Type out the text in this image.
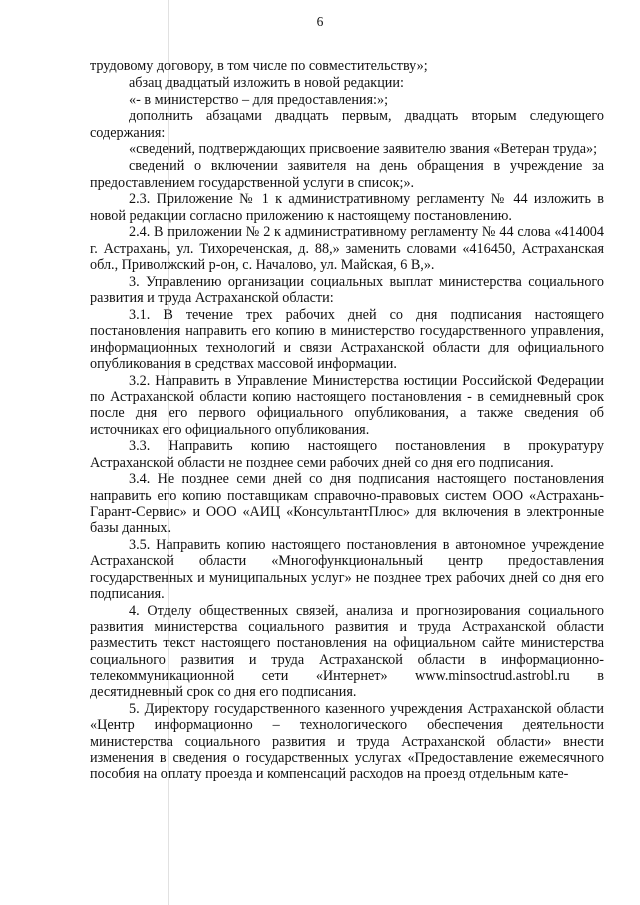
6

трудовому договору, в том числе по совместительству»;

абзац двадцатый изложить в новой редакции:

«- в министерство – для предоставления:»;

дополнить абзацами двадцать первым, двадцать вторым следующего содержания:

«сведений, подтверждающих присвоение заявителю звания «Ветеран труда»;

сведений о включении заявителя на день обращения в учреждение за предоставлением государственной услуги в список;».

2.3. Приложение № 1 к административному регламенту № 44 изложить в новой редакции согласно приложению к настоящему постановлению.

2.4. В приложении № 2 к административному регламенту № 44 слова «414004 г. Астрахань, ул. Тихореченская, д. 88,» заменить словами «416450, Астраханская обл., Приволжский р-он, с. Началово, ул. Майская, 6 В,».

3. Управлению организации социальных выплат министерства социального развития и труда Астраханской области:

3.1. В течение трех рабочих дней со дня подписания настоящего постановления направить его копию в министерство государственного управления, информационных технологий и связи Астраханской области для официального опубликования в средствах массовой информации.

3.2. Направить в Управление Министерства юстиции Российской Федерации по Астраханской области копию настоящего постановления - в семидневный срок после дня его первого официального опубликования, а также сведения об источниках его официального опубликования.

3.3. Направить копию настоящего постановления в прокуратуру Астраханской области не позднее семи рабочих дней со дня его подписания.

3.4. Не позднее семи дней со дня подписания настоящего постановления направить его копию поставщикам справочно-правовых систем ООО «Астрахань-Гарант-Сервис» и ООО «АИЦ «КонсультантПлюс» для включения в электронные базы данных.

3.5. Направить копию настоящего постановления в автономное учреждение Астраханской области «Многофункциональный центр предоставления государственных и муниципальных услуг» не позднее трех рабочих дней со дня его подписания.

4. Отделу общественных связей, анализа и прогнозирования социального развития министерства социального развития и труда Астраханской области разместить текст настоящего постановления на официальном сайте министерства социального развития и труда Астраханской области в информационно-телекоммуникационной сети «Интернет» www.minsoctrud.astrobl.ru в десятидневный срок со дня его подписания.

5. Директору государственного казенного учреждения Астраханской области «Центр информационно – технологического обеспечения деятельности министерства социального развития и труда Астраханской области» внести изменения в сведения о государственных услугах «Предоставление ежемесячного пособия на оплату проезда и компенсаций расходов на проезд отдельным кате-
